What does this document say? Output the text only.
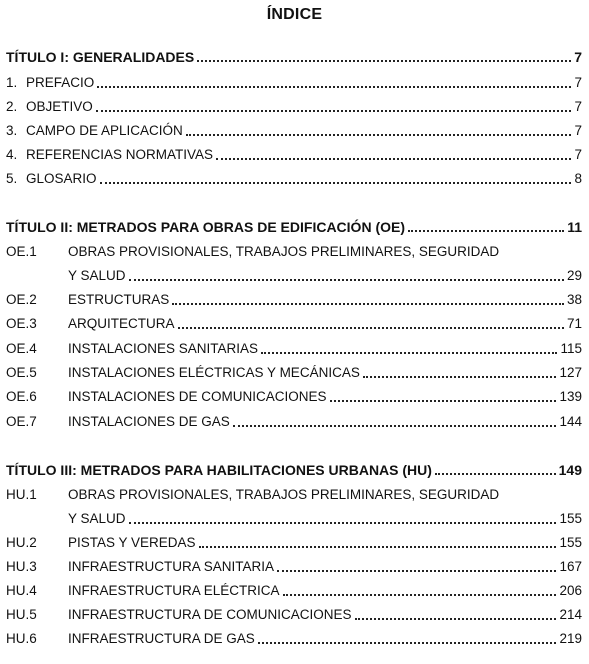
ÍNDICE
TÍTULO I: GENERALIDADES	7
1. PREFACIO	7
2. OBJETIVO	7
3. CAMPO DE APLICACIÓN	7
4. REFERENCIAS NORMATIVAS	7
5. GLOSARIO	8
TÍTULO II: METRADOS PARA OBRAS DE EDIFICACIÓN (OE)	11
OE.1 OBRAS PROVISIONALES, TRABAJOS PRELIMINARES, SEGURIDAD
Y SALUD	29
OE.2	ESTRUCTURAS	38
OE.3	ARQUITECTURA	71
OE.4	INSTALACIONES SANITARIAS	115
OE.5	INSTALACIONES ELÉCTRICAS Y MECÁNICAS	127
OE.6	INSTALACIONES DE COMUNICACIONES	139
OE.7	INSTALACIONES DE GAS	144
TÍTULO III: METRADOS PARA HABILITACIONES URBANAS (HU)	149
HU.1 OBRAS PROVISIONALES, TRABAJOS PRELIMINARES, SEGURIDAD
Y SALUD	155
HU.2	PISTAS Y VEREDAS	155
HU.3	INFRAESTRUCTURA SANITARIA	167
HU.4	INFRAESTRUCTURA ELÉCTRICA	206
HU.5	INFRAESTRUCTURA DE COMUNICACIONES	214
HU.6	INFRAESTRUCTURA DE GAS	219
